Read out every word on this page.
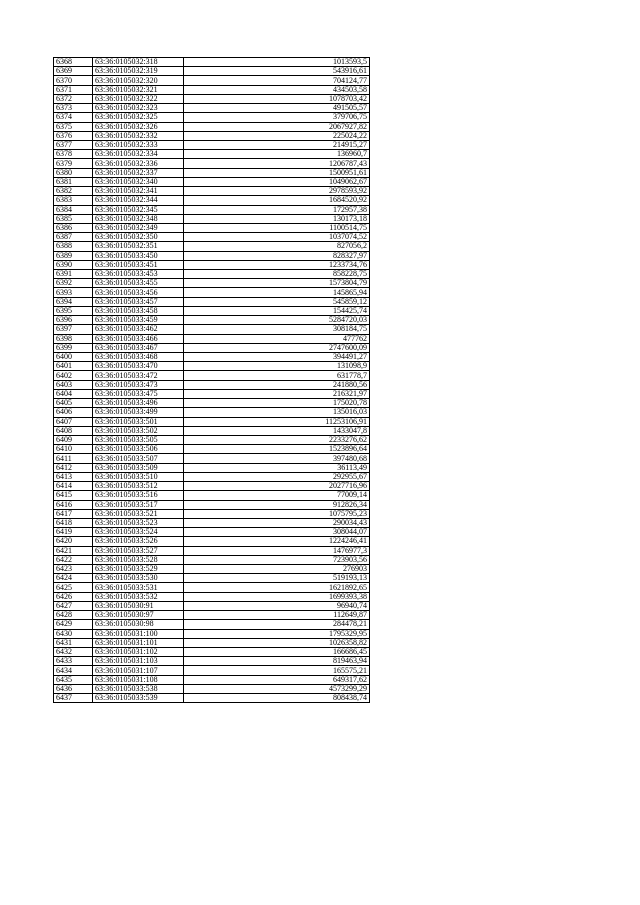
6368	63:36:0105032:318	1013593,5
6369	63:36:0105032:319	543916,61
6370	63:36:0105032:320	704124,77
6371	63:36:0105032:321	434503,58
6372	63:36:0105032:322	1078703,42
6373	63:36:0105032:323	491505,57
6374	63:36:0105032:325	379706,75
6375	63:36:0105032:326	2067927,82
6376	63:36:0105032:332	225024,22
6377	63:36:0105032:333	214915,27
6378	63:36:0105032:334	136960,7
6379	63:36:0105032:336	1206787,43
6380	63:36:0105032:337	1500951,61
6381	63:36:0105032:340	1049062,67
6382	63:36:0105032:341	2978593,92
6383	63:36:0105032:344	1684520,92
6384	63:36:0105032:345	172957,38
6385	63:36:0105032:348	130173,18
6386	63:36:0105032:349	1100514,75
6387	63:36:0105032:350	1037074,52
6388	63:36:0105032:351	827056,2
6389	63:36:0105033:450	828327,97
6390	63:36:0105033:451	1233734,76
6391	63:36:0105033:453	858228,75
6392	63:36:0105033:455	1573804,79
6393	63:36:0105033:456	145865,94
6394	63:36:0105033:457	545859,12
6395	63:36:0105033:458	154425,74
6396	63:36:0105033:459	5284720,03
6397	63:36:0105033:462	308184,75
6398	63:36:0105033:466	477762
6399	63:36:0105033:467	2747600,09
6400	63:36:0105033:468	394491,27
6401	63:36:0105033:470	131098,9
6402	63:36:0105033:472	631778,7
6403	63:36:0105033:473	241880,56
6404	63:36:0105033:475	216321,97
6405	63:36:0105033:496	175020,78
6406	63:36:0105033:499	135016,03
6407	63:36:0105033:501	11253106,91
6408	63:36:0105033:502	1433047,8
6409	63:36:0105033:505	2233276,62
6410	63:36:0105033:506	1523896,64
6411	63:36:0105033:507	397480,68
6412	63:36:0105033:509	36113,49
6413	63:36:0105033:510	292955,67
6414	63:36:0105033:512	2027716,96
6415	63:36:0105033:516	77009,14
6416	63:36:0105033:517	912826,34
6417	63:36:0105033:521	1075795,23
6418	63:36:0105033:523	290034,43
6419	63:36:0105033:524	308044,07
6420	63:36:0105033:526	1224246,41
6421	63:36:0105033:527	1476977,3
6422	63:36:0105033:528	723903,56
6423	63:36:0105033:529	276903
6424	63:36:0105033:530	519193,13
6425	63:36:0105033:531	1621892,65
6426	63:36:0105033:532	1699393,38
6427	63:36:0105030:91	96940,74
6428	63:36:0105030:97	112649,87
6429	63:36:0105030:98	284478,21
6430	63:36:0105031:100	1795329,95
6431	63:36:0105031:101	1026358,82
6432	63:36:0105031:102	166686,45
6433	63:36:0105031:103	819463,94
6434	63:36:0105031:107	165575,21
6435	63:36:0105031:108	649317,62
6436	63:36:0105033:538	4573299,29
6437	63:36:0105033:539	808438,74
